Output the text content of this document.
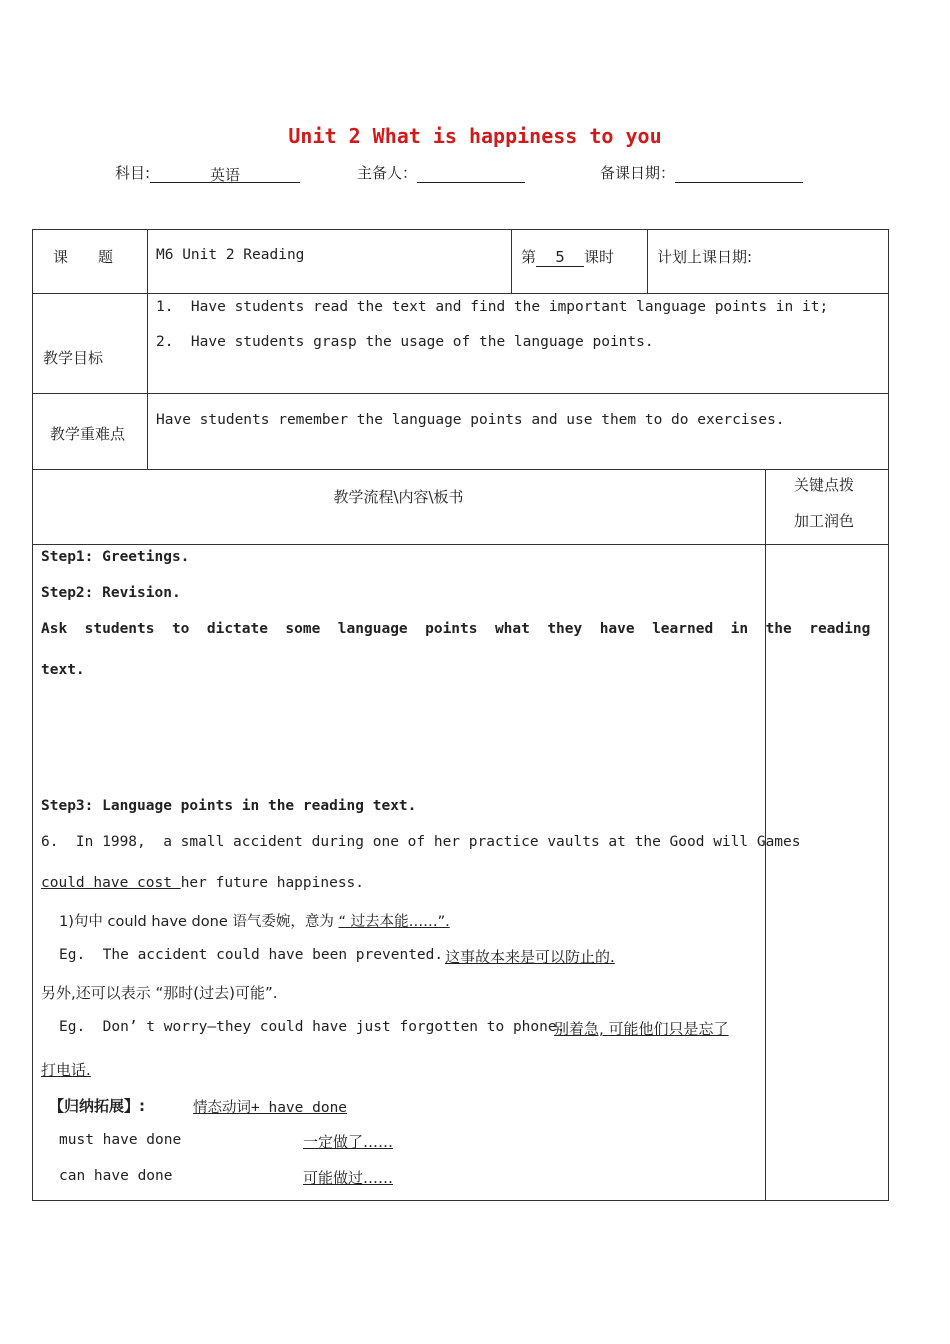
Unit 2 What is happiness to you
科目:	英语	主备人：	备课日期：
课　　题	M6 Unit 2 Reading	第 5 课时	计划上课日期:
教学目标
1.  Have students read the text and find the important language points in it;
2.  Have students grasp the usage of the language points.
教学重难点
Have students remember the language points and use them to do exercises.
教学流程\内容\板书
关键点拨
加工润色
Step1: Greetings.
Step2: Revision.
Ask  students  to  dictate  some  language  points  what  they  have  learned  in  the  reading
text.
Step3: Language points in the reading text.
6.  In 1998,  a small accident during one of her practice vaults at the Good will Games
could have cost her future happiness.
1)句中 could have done 语气委婉，意为 “ 过去本能……”.
Eg.  The accident could have been prevented. 这事故本来是可以防止的.
另外,还可以表示 “那时(过去)可能”.
Eg.  Don’ t worry—they could have just forgotten to phone.
别着急, 可能他们只是忘了
打电话.
【归纳拓展】:	情态动词+ have done
must have done	一定做了……
can have done	可能做过……
